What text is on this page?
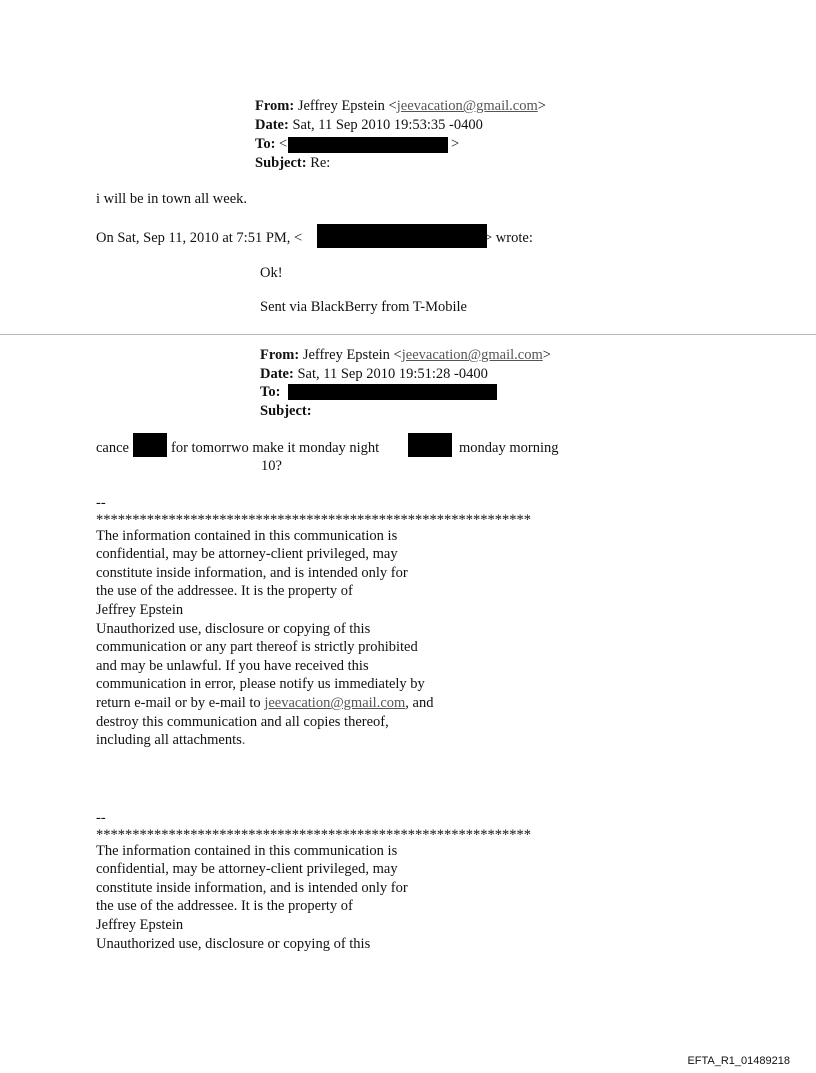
From: Jeffrey Epstein <jeevacation@gmail.com>
Date: Sat, 11 Sep 2010 19:53:35 -0400
To: <	>
Subject: Re:
i will be in town all week.
On Sat, Sep 11, 2010 at 7:51 PM, <	> wrote:
Ok!
Sent via BlackBerry from T-Mobile
From: Jeffrey Epstein <jeevacation@gmail.com>
Date: Sat, 11 Sep 2010 19:51:28 -0400
To:
Subject:
cance	for tomorrwo make it monday night	monday morning
10?
--
************************************************************
The information contained in this communication is
confidential, may be attorney-client privileged, may
constitute inside information, and is intended only for
the use of the addressee. It is the property of
Jeffrey Epstein
Unauthorized use, disclosure or copying of this
communication or any part thereof is strictly prohibited
and may be unlawful. If you have received this
communication in error, please notify us immediately by
return e-mail or by e-mail to jeevacation@gmail.com, and
destroy this communication and all copies thereof,
including all attachments.
--
************************************************************
The information contained in this communication is
confidential, may be attorney-client privileged, may
constitute inside information, and is intended only for
the use of the addressee. It is the property of
Jeffrey Epstein
Unauthorized use, disclosure or copying of this
EFTA_R1_01489218
